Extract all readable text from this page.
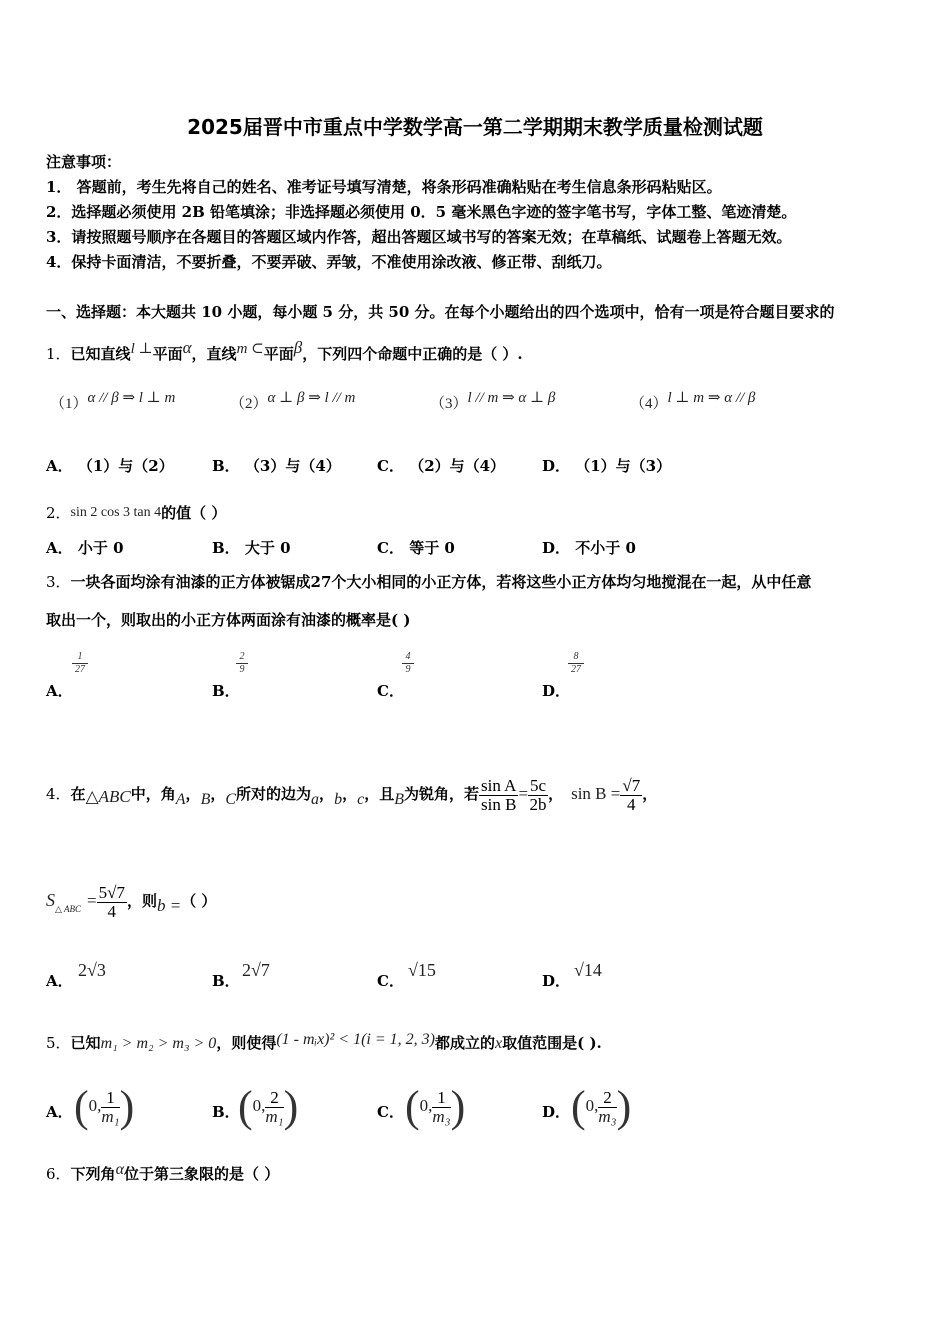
2025届晋中市重点中学数学高一第二学期期末教学质量检测试题
注意事项：
1． 答题前，考生先将自己的姓名、准考证号填写清楚，将条形码准确粘贴在考生信息条形码粘贴区。
2．选择题必须使用 2B 铅笔填涂；非选择题必须使用 0．5 毫米黑色字迹的签字笔书写，字体工整、笔迹清楚。
3．请按照题号顺序在各题目的答题区域内作答，超出答题区域书写的答案无效；在草稿纸、试题卷上答题无效。
4．保持卡面清洁，不要折叠，不要弄破、弄皱，不准使用涂改液、修正带、刮纸刀。
一、选择题：本大题共 10 小题，每小题 5 分，共 50 分。在每个小题给出的四个选项中，恰有一项是符合题目要求的
1．已知直线l ⊥平面α，直线m ⊂平面β，下列四个命题中正确的是（ ）.
（1）α // β ⇒ l ⊥ m	（2）α ⊥ β ⇒ l // m	（3）l // m ⇒ α ⊥ β	（4）l ⊥ m ⇒ α // β
A． （1）与（2）	B． （3）与（4） C． （2）与（4） D． （1）与（3）
2．sin 2 cos 3 tan 4的值（ ）
A． 小于 0	B． 大于 0	C． 等于 0	D． 不小于 0
3．一块各面均涂有油漆的正方体被锯成27个大小相同的小正方体，若将这些小正方体均匀地搅混在一起，从中任意
取出一个，则取出的小正方体两面涂有油漆的概率是( )
A．
$\frac{1}{27}$
B．
$\frac{2}{9}$
C．
$\frac{4}{9}$
D．
$\frac{8}{27}$
4．在△ABC中，角A，B，C所对的边为a，b，c，且B为锐角，若 $\frac{\text{sin A}}{\text{sin B}} = \frac{5c}{2b}$ ， $\sin B = \frac{√7}{4}$ ，
$S_{\triangle ABC} = \frac{5√7}{4}$ ，则b =（ ）
A．
2√3
B．
2√7
C．
√15
D．
√14
5．已知m₁ > m₂ > m₃ > 0，则使得(1 - mᵢx)² < 1(i = 1, 2, 3)都成立的x取值范围是( ).
A． (0, $\frac{1}{\text{m₁}}$ )	B．
(0, $\frac{2}{\text{m₁}}$ )	C． (0, $\frac{1}{\text{m₃}}$ )	D． (0, $\frac{2}{\text{m₃}}$ )
6．下列角α位于第三象限的是（ ）
